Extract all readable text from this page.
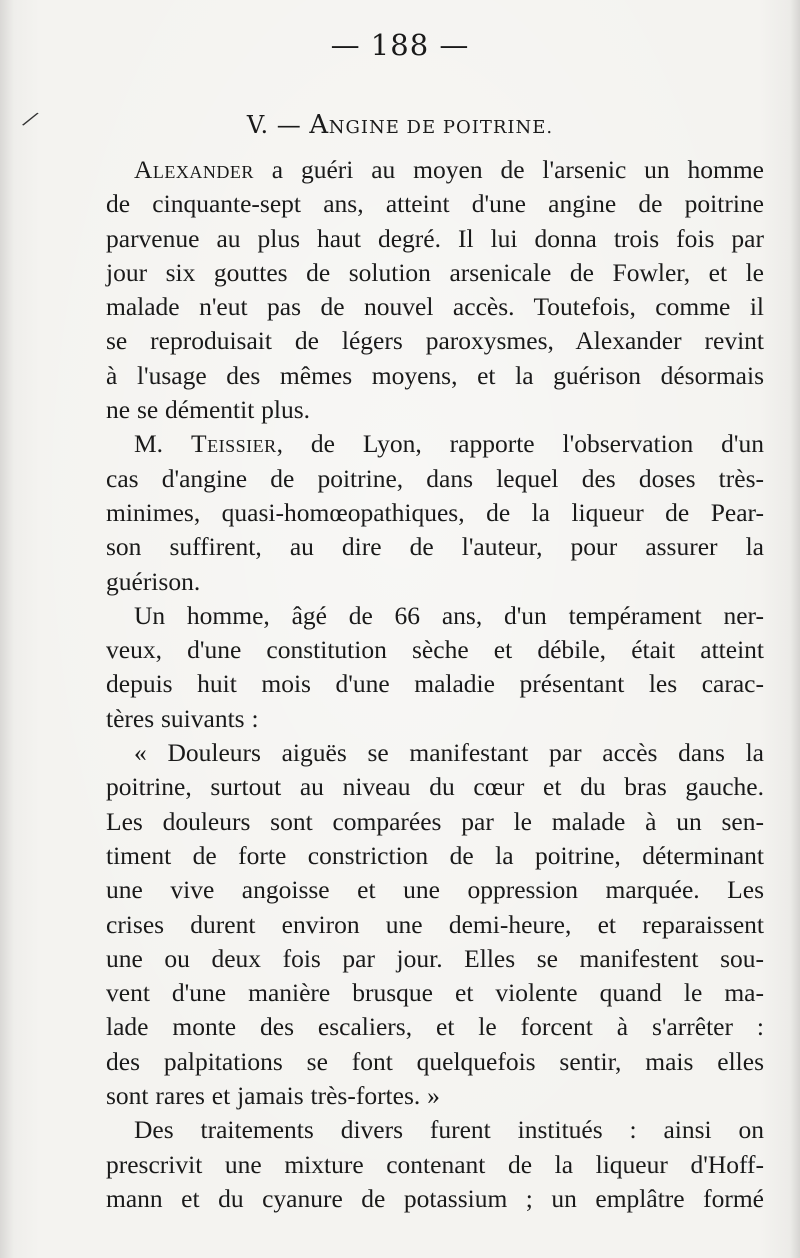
— 188 —
⁄	V. — ANGINE DE POITRINE.
Alexander a guéri au moyen de l'arsenic un homme
de cinquante-sept ans, atteint d'une angine de poitrine
parvenue au plus haut degré. Il lui donna trois fois par
jour six gouttes de solution arsenicale de Fowler, et le
malade n'eut pas de nouvel accès. Toutefois, comme il
se reproduisait de légers paroxysmes, Alexander revint
à l'usage des mêmes moyens, et la guérison désormais
ne se démentit plus.
M. Teissier, de Lyon, rapporte l'observation d'un
cas d'angine de poitrine, dans lequel des doses très-
minimes, quasi-homœopathiques, de la liqueur de Pear-
son suffirent, au dire de l'auteur, pour assurer la
guérison.
Un homme, âgé de 66 ans, d'un tempérament ner-
veux, d'une constitution sèche et débile, était atteint
depuis huit mois d'une maladie présentant les carac-
tères suivants :
« Douleurs aiguës se manifestant par accès dans la
poitrine, surtout au niveau du cœur et du bras gauche.
Les douleurs sont comparées par le malade à un sen-
timent de forte constriction de la poitrine, déterminant
une vive angoisse et une oppression marquée. Les
crises durent environ une demi-heure, et reparaissent
une ou deux fois par jour. Elles se manifestent sou-
vent d'une manière brusque et violente quand le ma-
lade monte des escaliers, et le forcent à s'arrêter :
des palpitations se font quelquefois sentir, mais elles
sont rares et jamais très-fortes. »
Des traitements divers furent institués : ainsi on
prescrivit une mixture contenant de la liqueur d'Hoff-
mann et du cyanure de potassium ; un emplâtre formé
